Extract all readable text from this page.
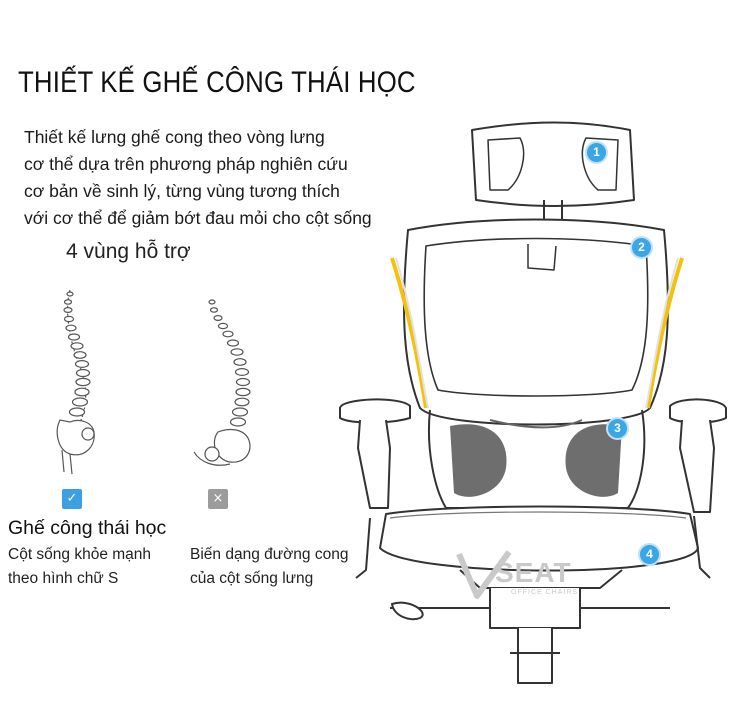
THIẾT KẾ GHẾ CÔNG THÁI HỌC
Thiết kế lưng ghế cong theo vòng lưng
cơ thể dựa trên phương pháp nghiên cứu
cơ bản về sinh lý, từng vùng tương thích
với cơ thể để giảm bớt đau mỏi cho cột sống
4 vùng hỗ trợ
✓	×
Ghế công thái học
Cột sống khỏe mạnh
theo hình chữ S
Biến dạng đường cong
của cột sống lưng
1
2
3
4
SEAT
OFFICE CHAIRS
